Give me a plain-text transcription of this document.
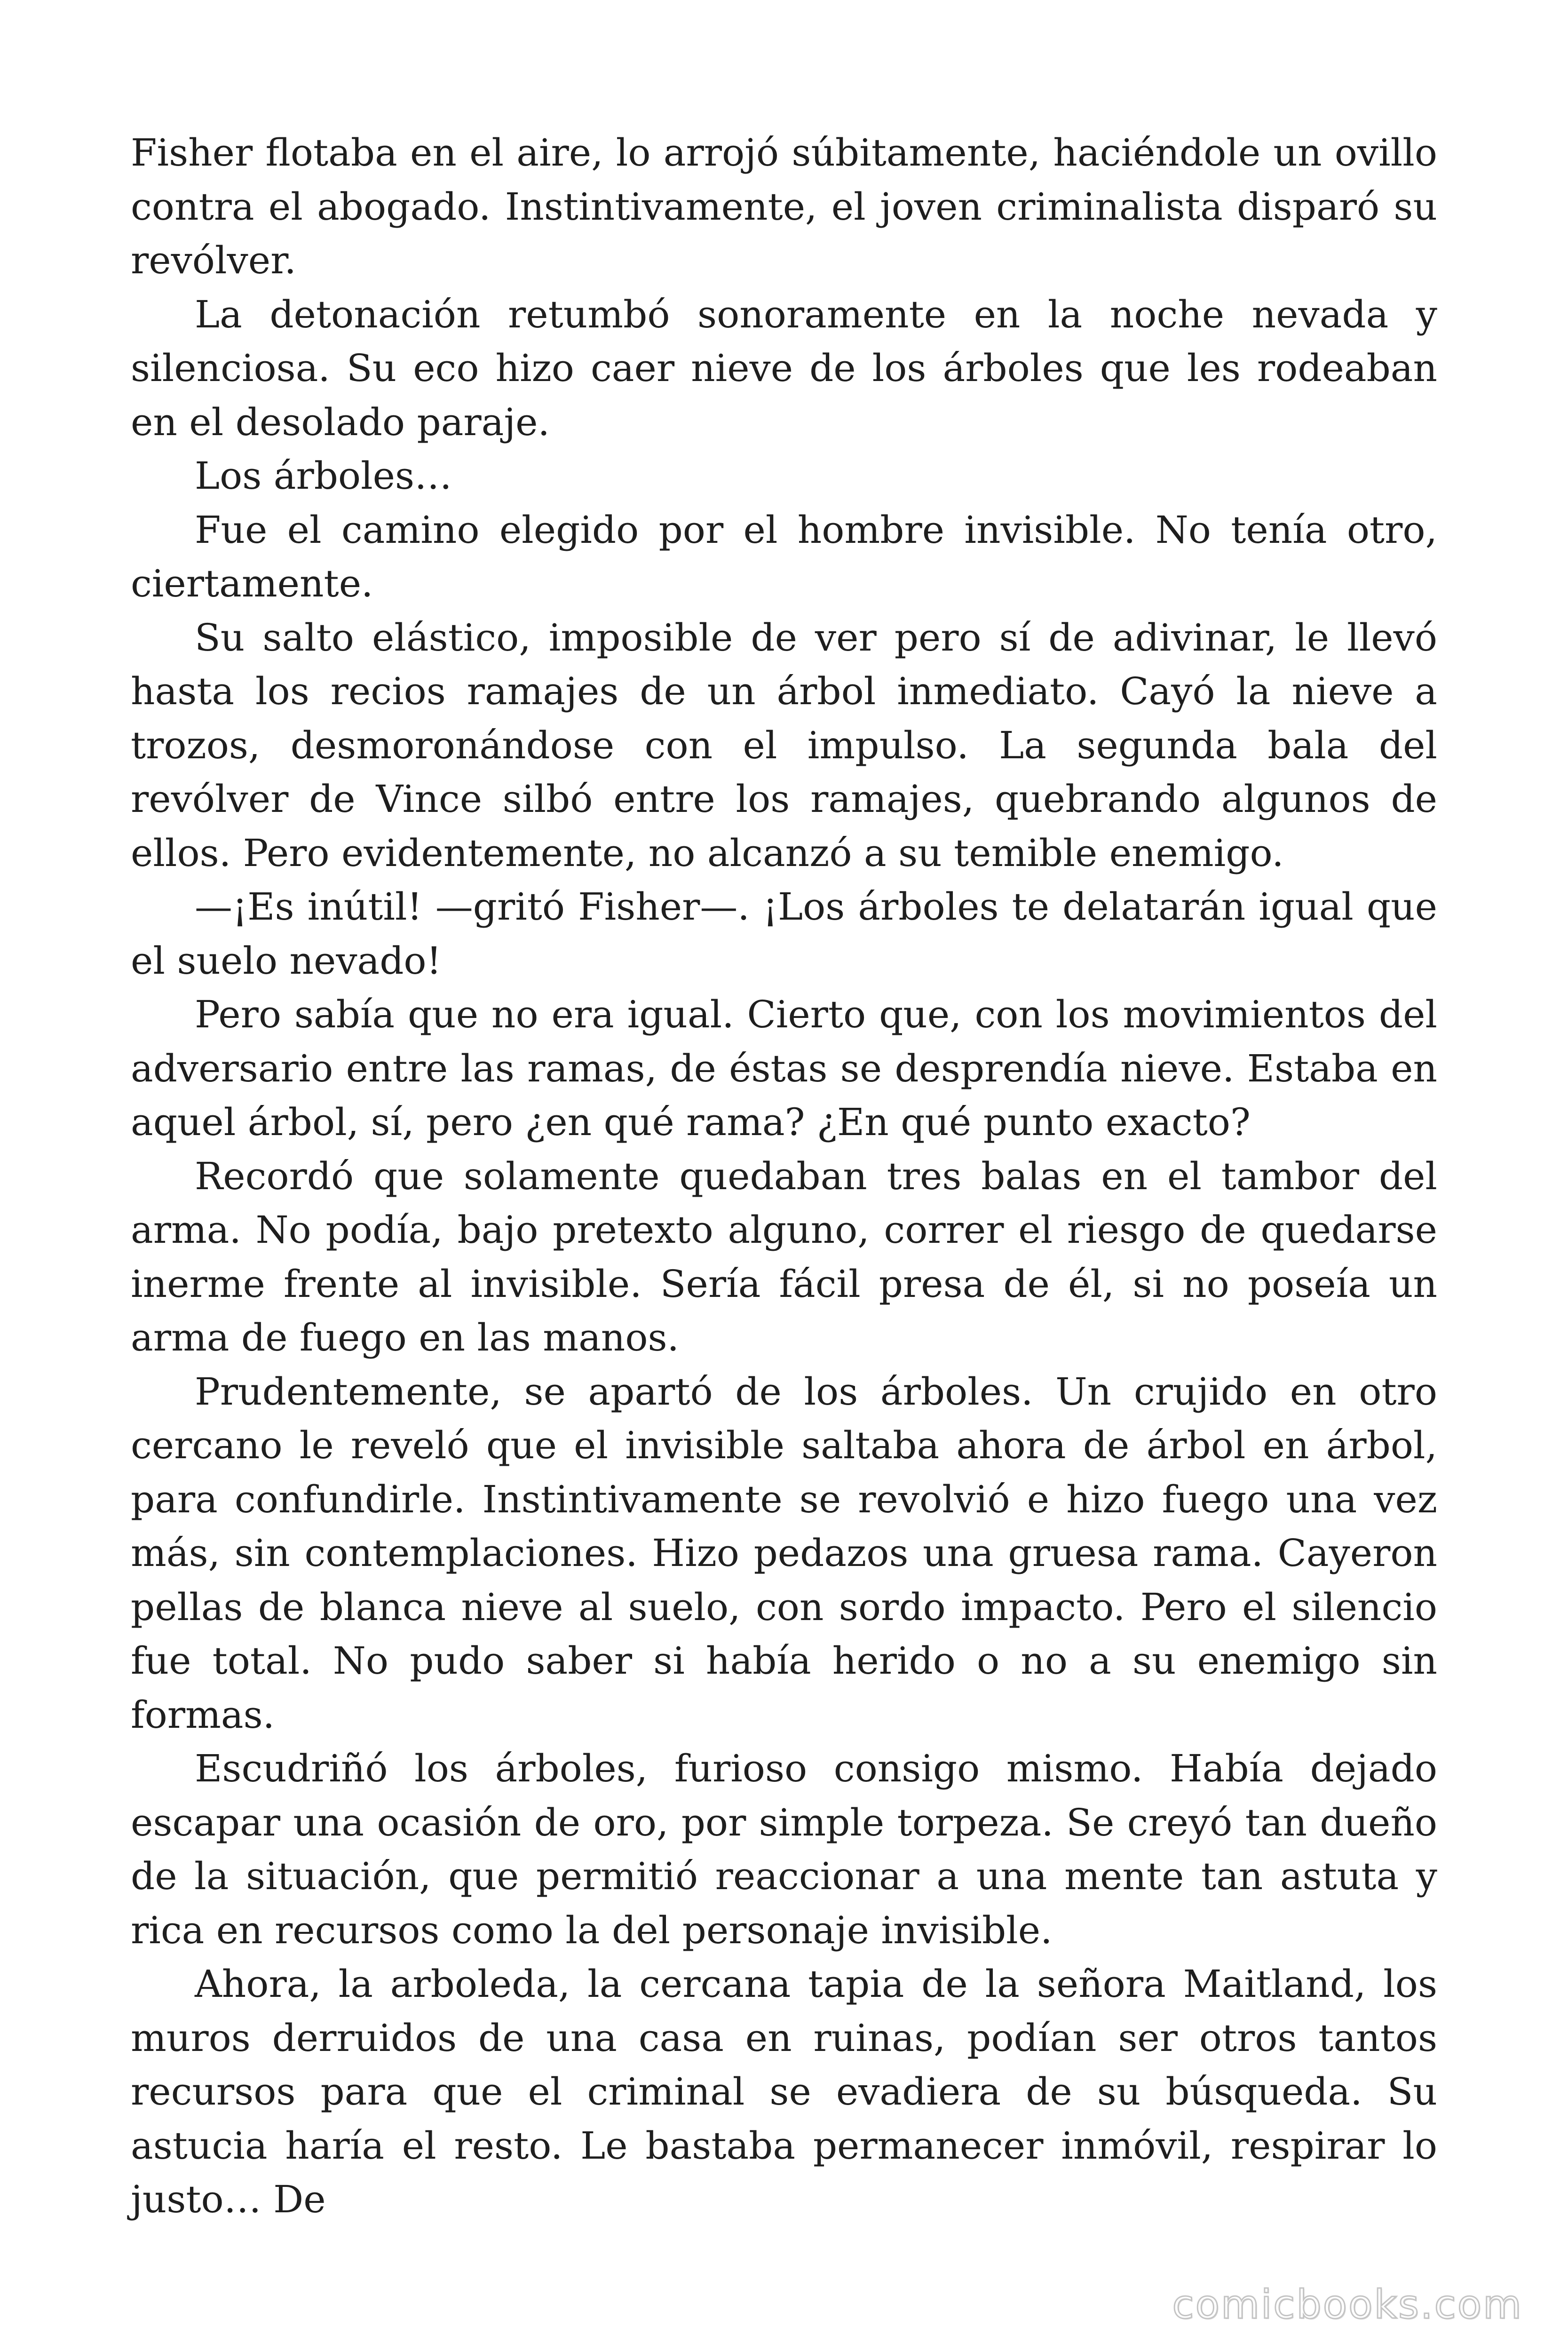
Fisher flotaba en el aire, lo arrojó súbitamente, haciéndole un ovillo contra el abogado. Instintivamente, el joven criminalista disparó su revólver.

La detonación retumbó sonoramente en la noche nevada y silenciosa. Su eco hizo caer nieve de los árboles que les rodeaban en el desolado paraje.

Los árboles…

Fue el camino elegido por el hombre invisible. No tenía otro, ciertamente.

Su salto elástico, imposible de ver pero sí de adivinar, le llevó hasta los recios ramajes de un árbol inmediato. Cayó la nieve a trozos, desmoronándose con el impulso. La segunda bala del revólver de Vince silbó entre los ramajes, quebrando algunos de ellos. Pero evidentemente, no alcanzó a su temible enemigo.

—¡Es inútil! —gritó Fisher—. ¡Los árboles te delatarán igual que el suelo nevado!

Pero sabía que no era igual. Cierto que, con los movimientos del adversario entre las ramas, de éstas se desprendía nieve. Estaba en aquel árbol, sí, pero ¿en qué rama? ¿En qué punto exacto?

Recordó que solamente quedaban tres balas en el tambor del arma. No podía, bajo pretexto alguno, correr el riesgo de quedarse inerme frente al invisible. Sería fácil presa de él, si no poseía un arma de fuego en las manos.

Prudentemente, se apartó de los árboles. Un crujido en otro cercano le reveló que el invisible saltaba ahora de árbol en árbol, para confundirle. Instintivamente se revolvió e hizo fuego una vez más, sin contemplaciones. Hizo pedazos una gruesa rama. Cayeron pellas de blanca nieve al suelo, con sordo impacto. Pero el silencio fue total. No pudo saber si había herido o no a su enemigo sin formas.

Escudriñó los árboles, furioso consigo mismo. Había dejado escapar una ocasión de oro, por simple torpeza. Se creyó tan dueño de la situación, que permitió reaccionar a una mente tan astuta y rica en recursos como la del personaje invisible.

Ahora, la arboleda, la cercana tapia de la señora Maitland, los muros derruidos de una casa en ruinas, podían ser otros tantos recursos para que el criminal se evadiera de su búsqueda. Su astucia haría el resto. Le bastaba permanecer inmóvil, respirar lo justo… De

comicbooks.com
